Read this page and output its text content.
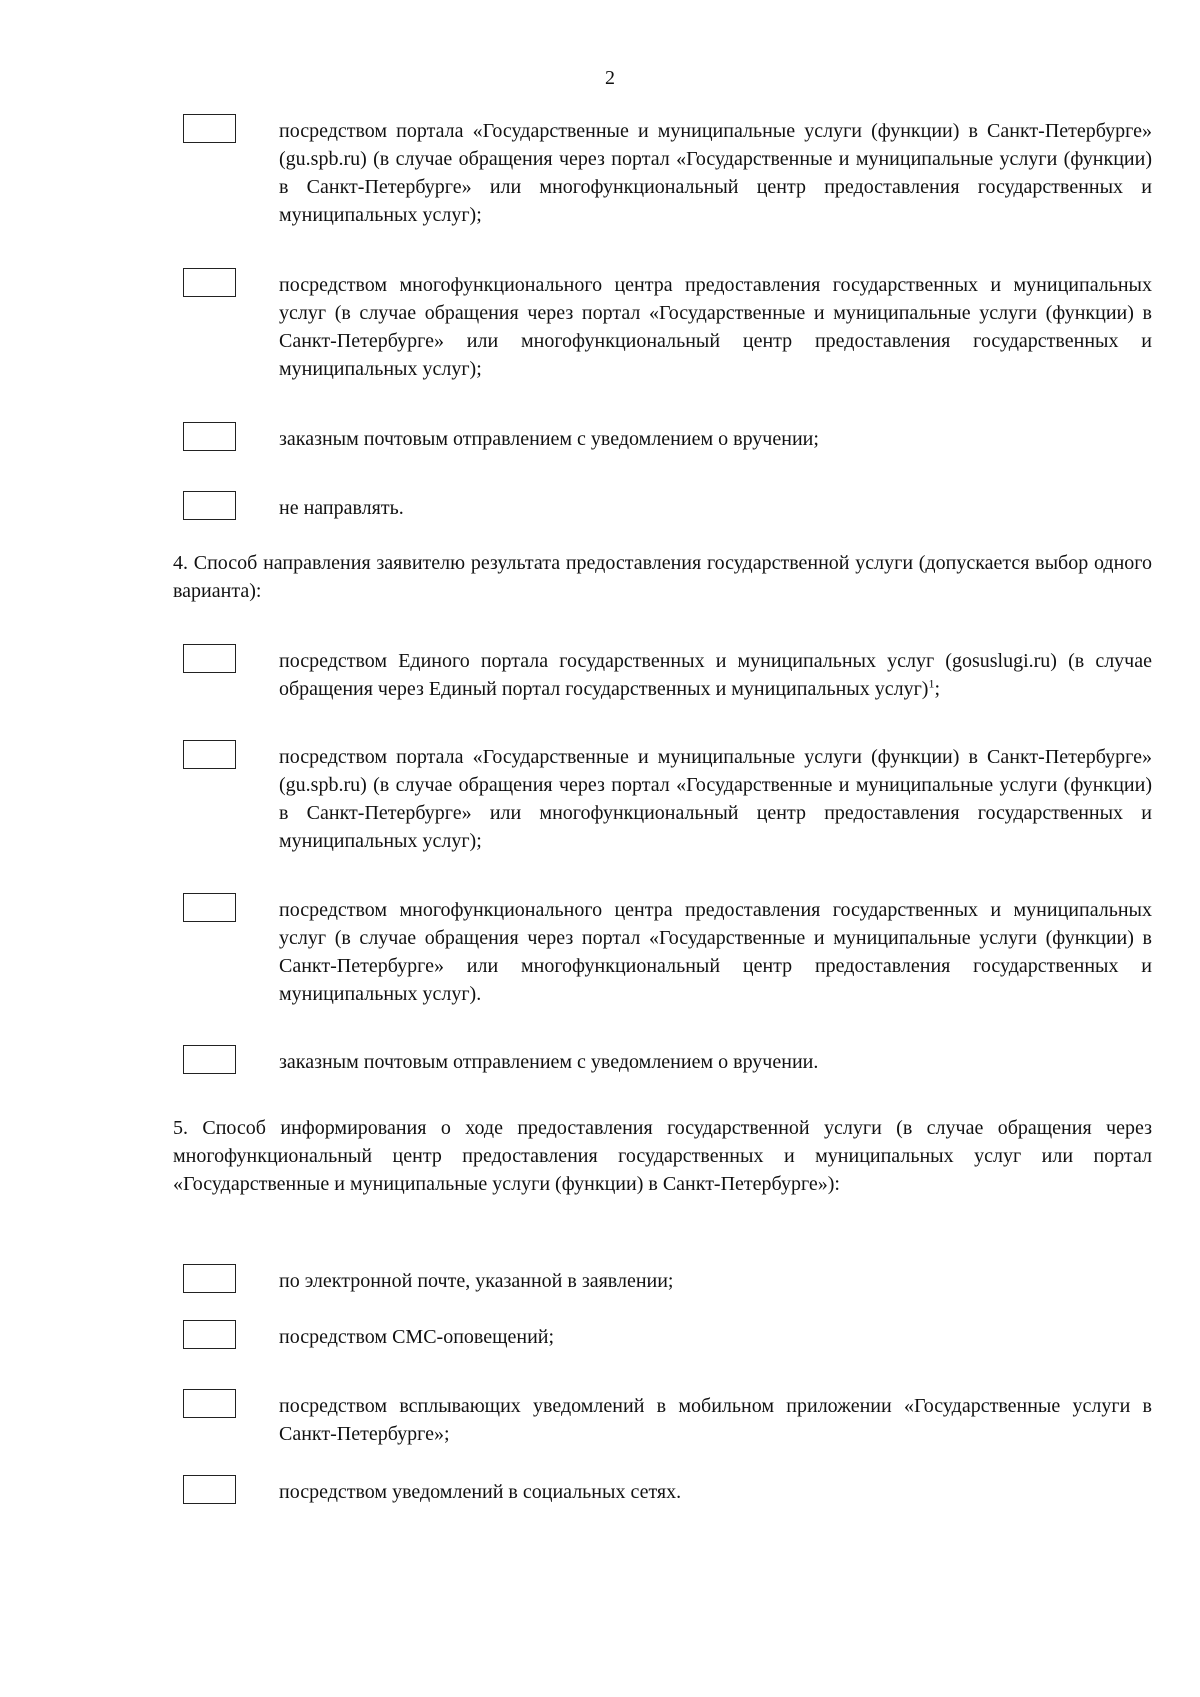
2
посредством портала «Государственные и муниципальные услуги (функции) в Санкт-Петербурге» (gu.spb.ru) (в случае обращения через портал «Государственные и муниципальные услуги (функции) в Санкт-Петербурге» или многофункциональный центр предоставления государственных и муниципальных услуг);
посредством многофункционального центра предоставления государственных и муниципальных услуг (в случае обращения через портал «Государственные и муниципальные услуги (функции) в Санкт-Петербурге» или многофункциональный центр предоставления государственных и муниципальных услуг);
заказным почтовым отправлением с уведомлением о вручении;
не направлять.
4. Способ направления заявителю результата предоставления государственной услуги (допускается выбор одного варианта):
посредством Единого портала государственных и муниципальных услуг (gosuslugi.ru) (в случае обращения через Единый портал государственных и муниципальных услуг)$^1$;
посредством портала «Государственные и муниципальные услуги (функции) в Санкт-Петербурге» (gu.spb.ru) (в случае обращения через портал «Государственные и муниципальные услуги (функции) в Санкт-Петербурге» или многофункциональный центр предоставления государственных и муниципальных услуг);
посредством многофункционального центра предоставления государственных и муниципальных услуг (в случае обращения через портал «Государственные и муниципальные услуги (функции) в Санкт-Петербурге» или многофункциональный центр предоставления государственных и муниципальных услуг).
заказным почтовым отправлением с уведомлением о вручении.
5. Способ информирования о ходе предоставления государственной услуги (в случае обращения через многофункциональный центр предоставления государственных и муниципальных услуг или портал «Государственные и муниципальные услуги (функции) в Санкт-Петербурге»):
по электронной почте, указанной в заявлении;
посредством СМС-оповещений;
посредством всплывающих уведомлений в мобильном приложении «Государственные услуги в Санкт-Петербурге»;
посредством уведомлений в социальных сетях.
